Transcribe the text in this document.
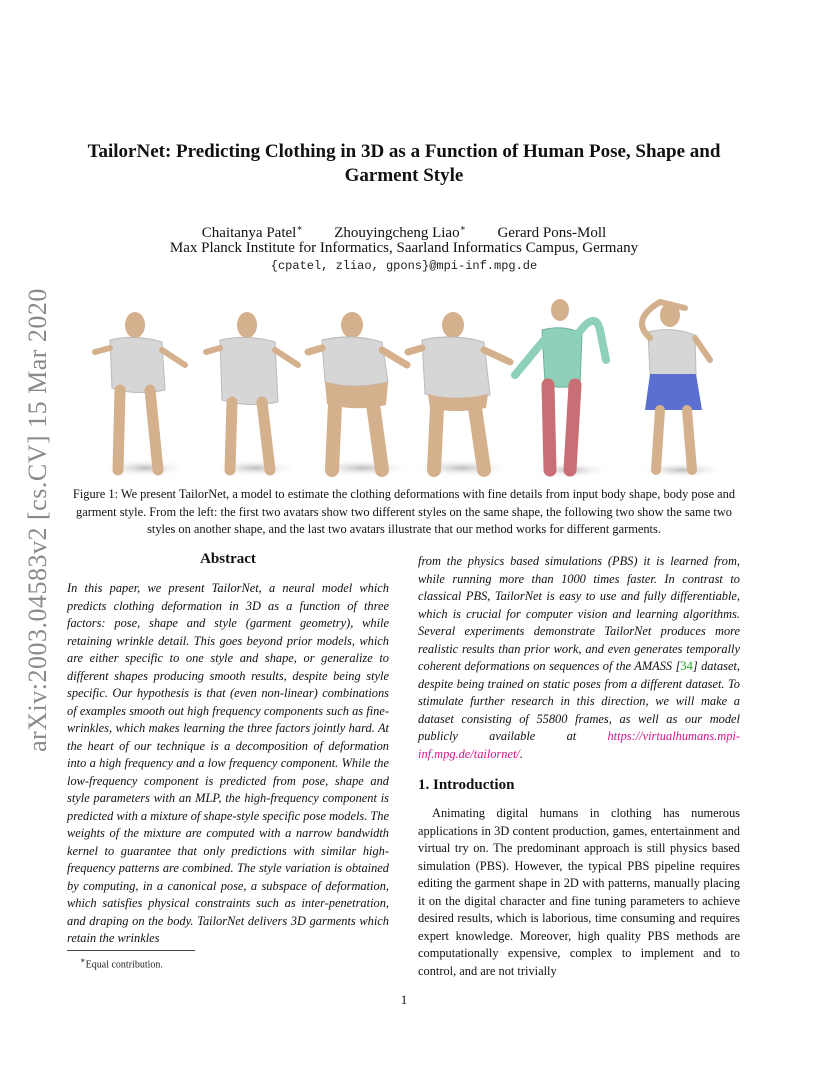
arXiv:2003.04583v2 [cs.CV] 15 Mar 2020
TailorNet: Predicting Clothing in 3D as a Function of Human Pose, Shape and Garment Style
Chaitanya Patel∗ Zhouyingcheng Liao∗ Gerard Pons-Moll
Max Planck Institute for Informatics, Saarland Informatics Campus, Germany
{cpatel, zliao, gpons}@mpi-inf.mpg.de
Figure 1: We present TailorNet, a model to estimate the clothing deformations with fine details from input body shape, body pose and garment style. From the left: the first two avatars show two different styles on the same shape, the following two show the same two styles on another shape, and the last two avatars illustrate that our method works for different garments.
Abstract
In this paper, we present TailorNet, a neural model which predicts clothing deformation in 3D as a function of three factors: pose, shape and style (garment geometry), while retaining wrinkle detail. This goes beyond prior models, which are either specific to one style and shape, or generalize to different shapes producing smooth results, despite being style specific. Our hypothesis is that (even non-linear) combinations of examples smooth out high frequency components such as fine-wrinkles, which makes learning the three factors jointly hard. At the heart of our technique is a decomposition of deformation into a high frequency and a low frequency component. While the low-frequency component is predicted from pose, shape and style parameters with an MLP, the high-frequency component is predicted with a mixture of shape-style specific pose models. The weights of the mixture are computed with a narrow bandwidth kernel to guarantee that only predictions with similar high-frequency patterns are combined. The style variation is obtained by computing, in a canonical pose, a subspace of deformation, which satisfies physical constraints such as inter-penetration, and draping on the body. TailorNet delivers 3D garments which retain the wrinkles
from the physics based simulations (PBS) it is learned from, while running more than 1000 times faster. In contrast to classical PBS, TailorNet is easy to use and fully differentiable, which is crucial for computer vision and learning algorithms. Several experiments demonstrate TailorNet produces more realistic results than prior work, and even generates temporally coherent deformations on sequences of the AMASS [34] dataset, despite being trained on static poses from a different dataset. To stimulate further research in this direction, we will make a dataset consisting of 55800 frames, as well as our model publicly available at https://virtualhumans.mpi-inf.mpg.de/tailornet/.
1. Introduction
Animating digital humans in clothing has numerous applications in 3D content production, games, entertainment and virtual try on. The predominant approach is still physics based simulation (PBS). However, the typical PBS pipeline requires editing the garment shape in 2D with patterns, manually placing it on the digital character and fine tuning parameters to achieve desired results, which is laborious, time consuming and requires expert knowledge. Moreover, high quality PBS methods are computationally expensive, complex to implement and to control, and are not trivially
∗Equal contribution.
1
